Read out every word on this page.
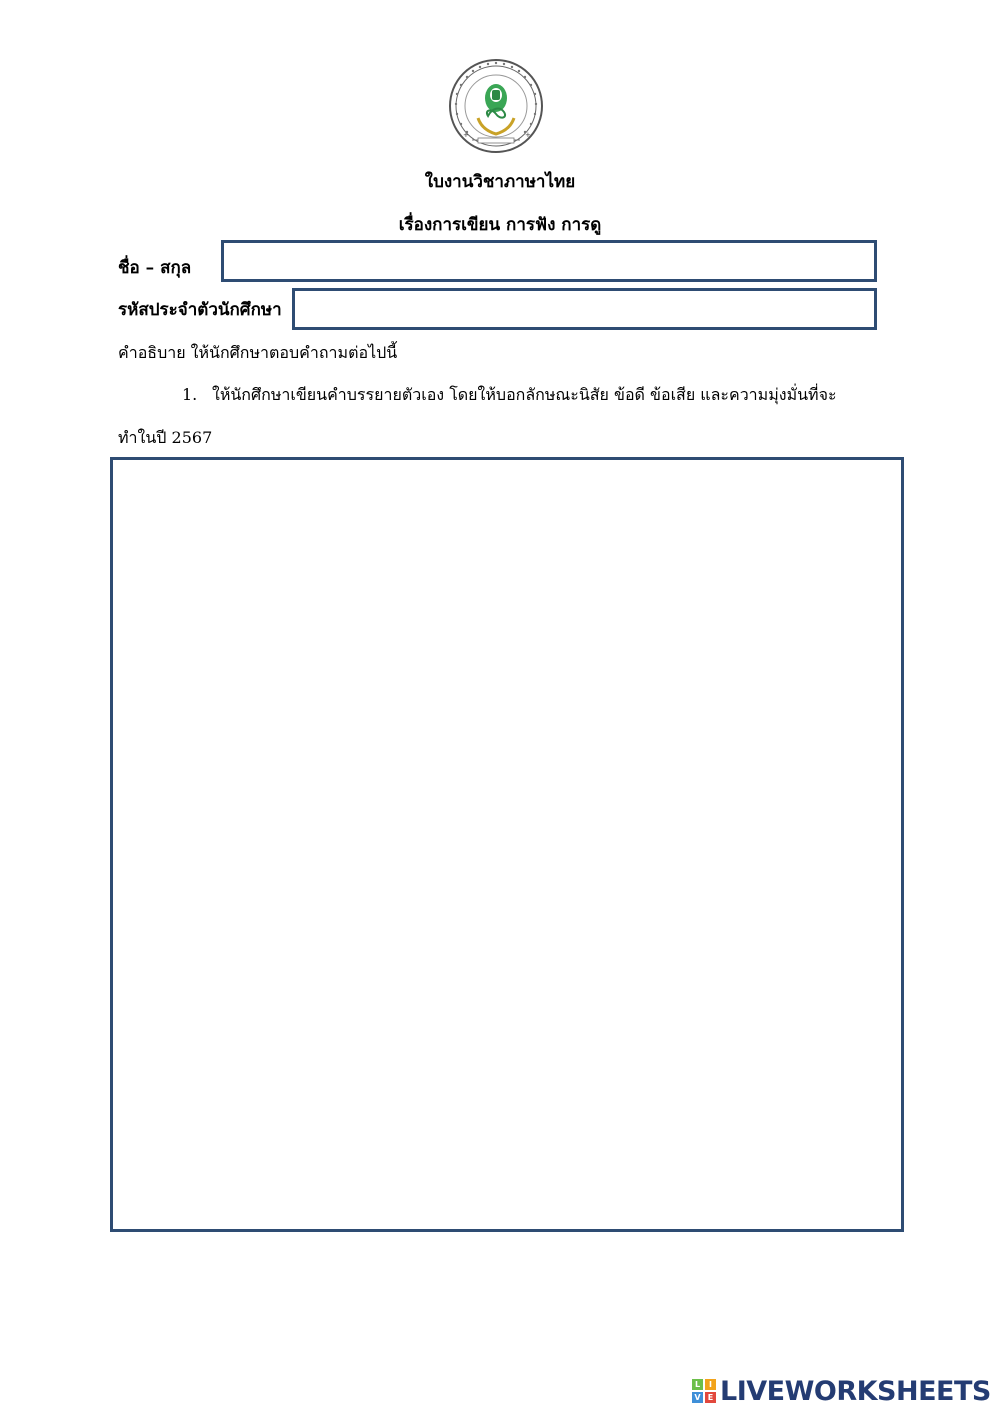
+	+
ใบงานวิชาภาษาไทย
เรื่องการเขียน การฟัง การดู
ชื่อ – สกุล
รหัสประจำตัวนักศึกษา
คำอธิบาย ให้นักศึกษาตอบคำถามต่อไปนี้
1. ให้นักศึกษาเขียนคำบรรยายตัวเอง โดยให้บอกลักษณะนิสัย ข้อดี ข้อเสีย และความมุ่งมั่นที่จะ
ทำในปี 2567
L	I
V E LIVEWORKSHEETS
